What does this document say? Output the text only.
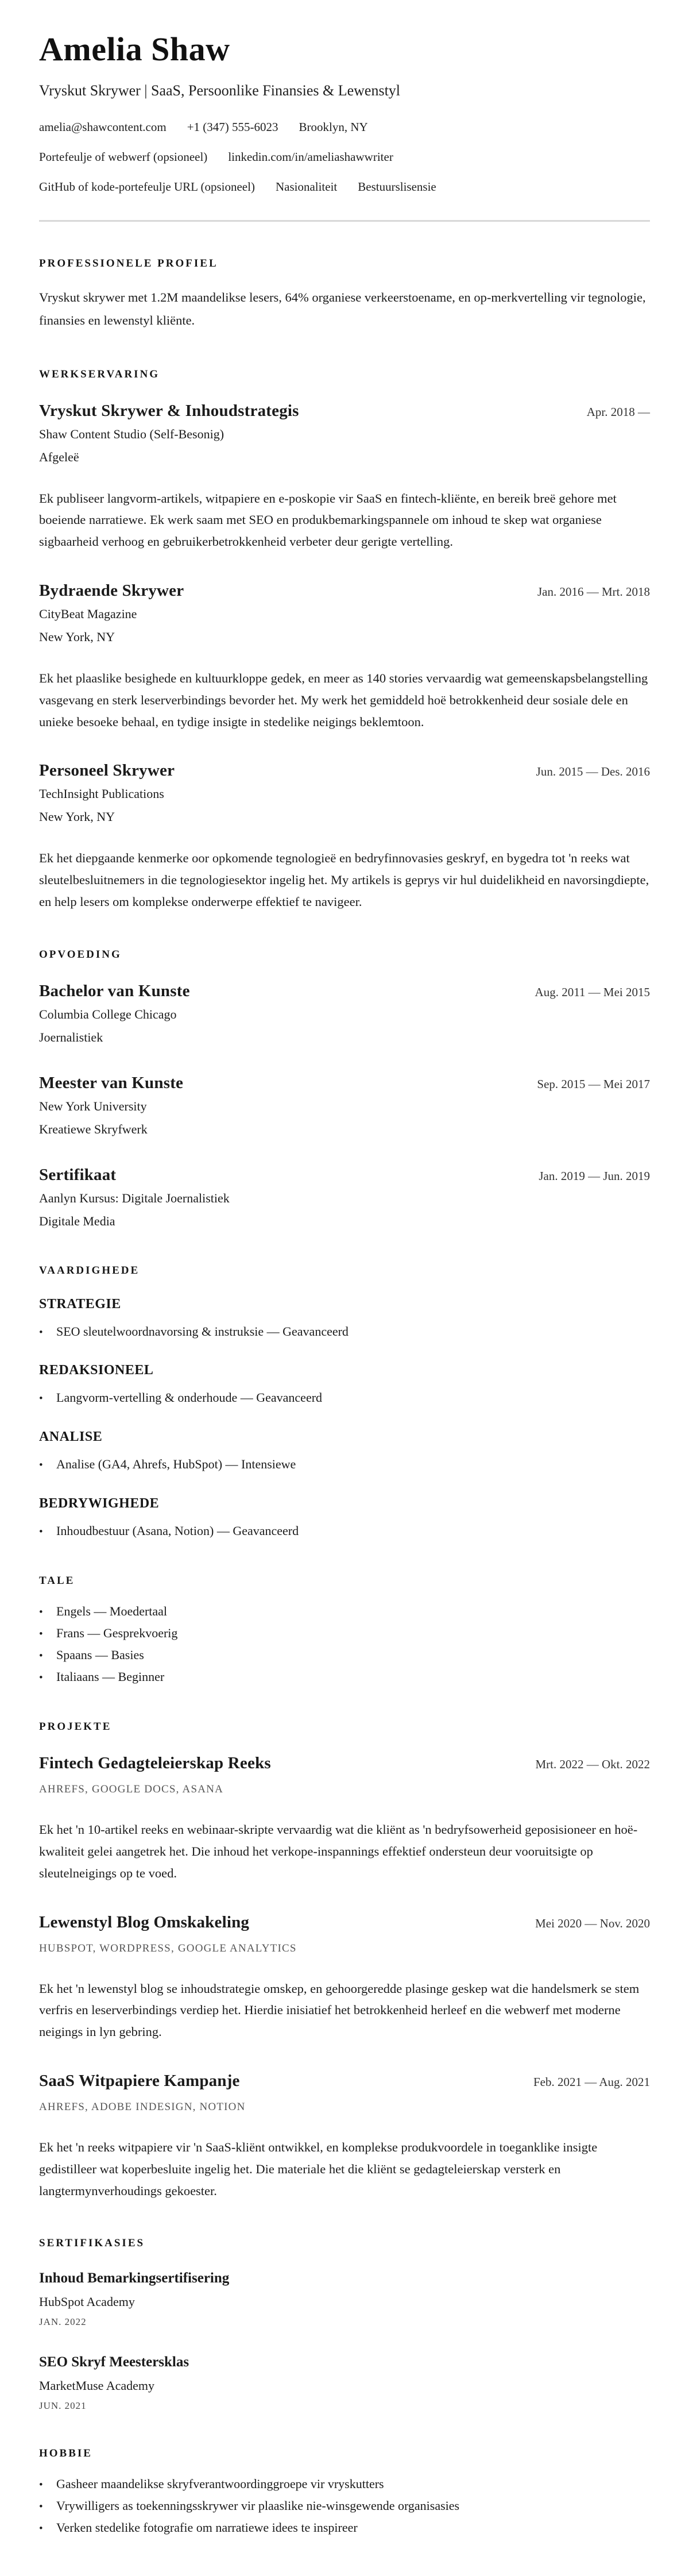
Amelia Shaw
Vryskut Skrywer | SaaS, Persoonlike Finansies & Lewenstyl
amelia@shawcontent.com +1 (347) 555-6023 Brooklyn, NY
Portefeulje of webwerf (opsioneel) linkedin.com/in/ameliashawwriter
GitHub of kode-portefeulje URL (opsioneel) Nasionaliteit Bestuurslisensie
PROFESSIONELE PROFIEL

Vryskut skrywer met 1.2M maandelikse lesers, 64% organiese verkeerstoename, en op-merkvertelling vir tegnologie, finansies en lewenstyl kliënte.

WERKSERVARING
Vryskut Skrywer & Inhoudstrategis	Apr. 2018 —
Shaw Content Studio (Self-Besonig)
Afgeleë

Ek publiseer langvorm-artikels, witpapiere en e-poskopie vir SaaS en fintech-kliënte, en bereik breë gehore met boeiende narratiewe. Ek werk saam met SEO en produkbemarkingspannele om inhoud te skep wat organiese sigbaarheid verhoog en gebruikerbetrokkenheid verbeter deur gerigte vertelling.

Bydraende Skrywer	Jan. 2016 — Mrt. 2018
CityBeat Magazine
New York, NY

Ek het plaaslike besighede en kultuurkloppe gedek, en meer as 140 stories vervaardig wat gemeenskapsbelangstelling vasgevang en sterk leserverbindings bevorder het. My werk het gemiddeld hoë betrokkenheid deur sosiale dele en unieke besoeke behaal, en tydige insigte in stedelike neigings beklemtoon.

Personeel Skrywer	Jun. 2015 — Des. 2016
TechInsight Publications
New York, NY

Ek het diepgaande kenmerke oor opkomende tegnologieë en bedryfinnovasies geskryf, en bygedra tot 'n reeks wat sleutelbesluitnemers in die tegnologiesektor ingelig het. My artikels is geprys vir hul duidelikheid en navorsingdiepte, en help lesers om komplekse onderwerpe effektief te navigeer.

OPVOEDING
Bachelor van Kunste	Aug. 2011 — Mei 2015
Columbia College Chicago
Joernalistiek
Meester van Kunste	Sep. 2015 — Mei 2017
New York University
Kreatiewe Skryfwerk
Sertifikaat	Jan. 2019 — Jun. 2019
Aanlyn Kursus: Digitale Joernalistiek
Digitale Media
VAARDIGHEDE
STRATEGIE
•	SEO sleutelwoordnavorsing & instruksie — Geavanceerd
REDAKSIONEEL
•	Langvorm-vertelling & onderhoude — Geavanceerd
ANALISE
•	Analise (GA4, Ahrefs, HubSpot) — Intensiewe
BEDRYWIGHEDE
•	Inhoudbestuur (Asana, Notion) — Geavanceerd
TALE
•	Engels — Moedertaal
•	Frans — Gesprekvoerig
•	Spaans — Basies
•	Italiaans — Beginner
PROJEKTE
Fintech Gedagteleierskap Reeks	Mrt. 2022 — Okt. 2022
AHREFS, GOOGLE DOCS, ASANA

Ek het 'n 10-artikel reeks en webinaar-skripte vervaardig wat die kliënt as 'n bedryfsowerheid geposisioneer en hoë-kwaliteit gelei aangetrek het. Die inhoud het verkope-inspannings effektief ondersteun deur vooruitsigte op sleutelneigings op te voed.

Lewenstyl Blog Omskakeling	Mei 2020 — Nov. 2020
HUBSPOT, WORDPRESS, GOOGLE ANALYTICS

Ek het 'n lewenstyl blog se inhoudstrategie omskep, en gehoorgeredde plasinge geskep wat die handelsmerk se stem verfris en leserverbindings verdiep het. Hierdie inisiatief het betrokkenheid herleef en die webwerf met moderne neigings in lyn gebring.

SaaS Witpapiere Kampanje	Feb. 2021 — Aug. 2021
AHREFS, ADOBE INDESIGN, NOTION

Ek het 'n reeks witpapiere vir 'n SaaS-kliënt ontwikkel, en komplekse produkvoordele in toeganklike insigte gedistilleer wat koperbesluite ingelig het. Die materiale het die kliënt se gedagteleierskap versterk en langtermynverhoudings gekoester.

SERTIFIKASIES
Inhoud Bemarkingsertifisering
HubSpot Academy
JAN. 2022
SEO Skryf Meestersklas
MarketMuse Academy
JUN. 2021
HOBBIE
•	Gasheer maandelikse skryfverantwoordinggroepe vir vryskutters
•	Vrywilligers as toekenningsskrywer vir plaaslike nie-winsgewende organisasies
•	Verken stedelike fotografie om narratiewe idees te inspireer
